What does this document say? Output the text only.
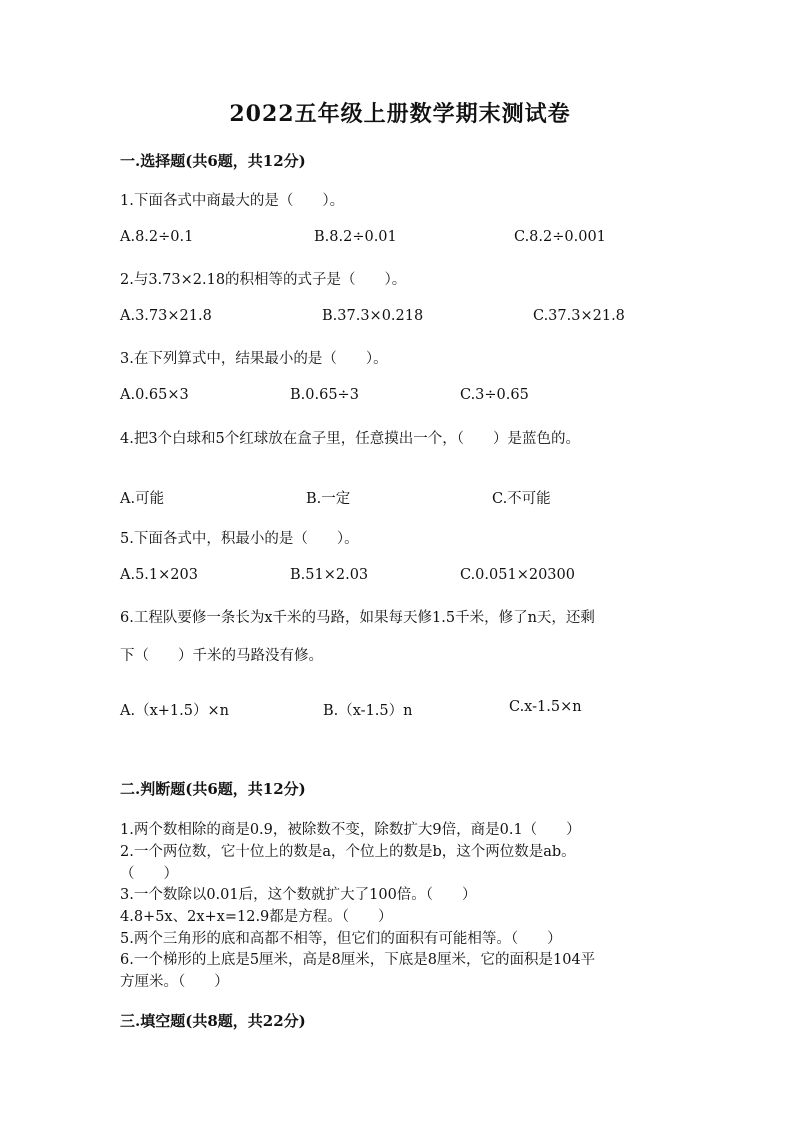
2022五年级上册数学期末测试卷
一.选择题(共6题，共12分)
1.下面各式中商最大的是（　　）。
A.8.2÷0.1	B.8.2÷0.01	C.8.2÷0.001
2.与3.73×2.18的积相等的式子是（　　）。
A.3.73×21.8	B.37.3×0.218	C.37.3×21.8
3.在下列算式中，结果最小的是（　　）。
A.0.65×3	B.0.65÷3	C.3÷0.65
4.把3个白球和5个红球放在盒子里，任意摸出一个，（　　）是蓝色的。
A.可能	B.一定	C.不可能
5.下面各式中，积最小的是（　　）。
A.5.1×203	B.51×2.03	C.0.051×20300
6.工程队要修一条长为x千米的马路，如果每天修1.5千米，修了n天，还剩
下（　　）千米的马路没有修。
A.（x+1.5）×n	B.（x-1.5）n	C.x-1.5×n
二.判断题(共6题，共12分)
1.两个数相除的商是0.9，被除数不变，除数扩大9倍，商是0.1（　　）
2.一个两位数，它十位上的数是a，个位上的数是b，这个两位数是ab。
（　　）
3.一个数除以0.01后，这个数就扩大了100倍。（　　）
4.8+5x、2x+x=12.9都是方程。（　　）
5.两个三角形的底和高都不相等，但它们的面积有可能相等。（　　）
6.一个梯形的上底是5厘米，高是8厘米，下底是8厘米，它的面积是104平
方厘米。（　　）
三.填空题(共8题，共22分)
